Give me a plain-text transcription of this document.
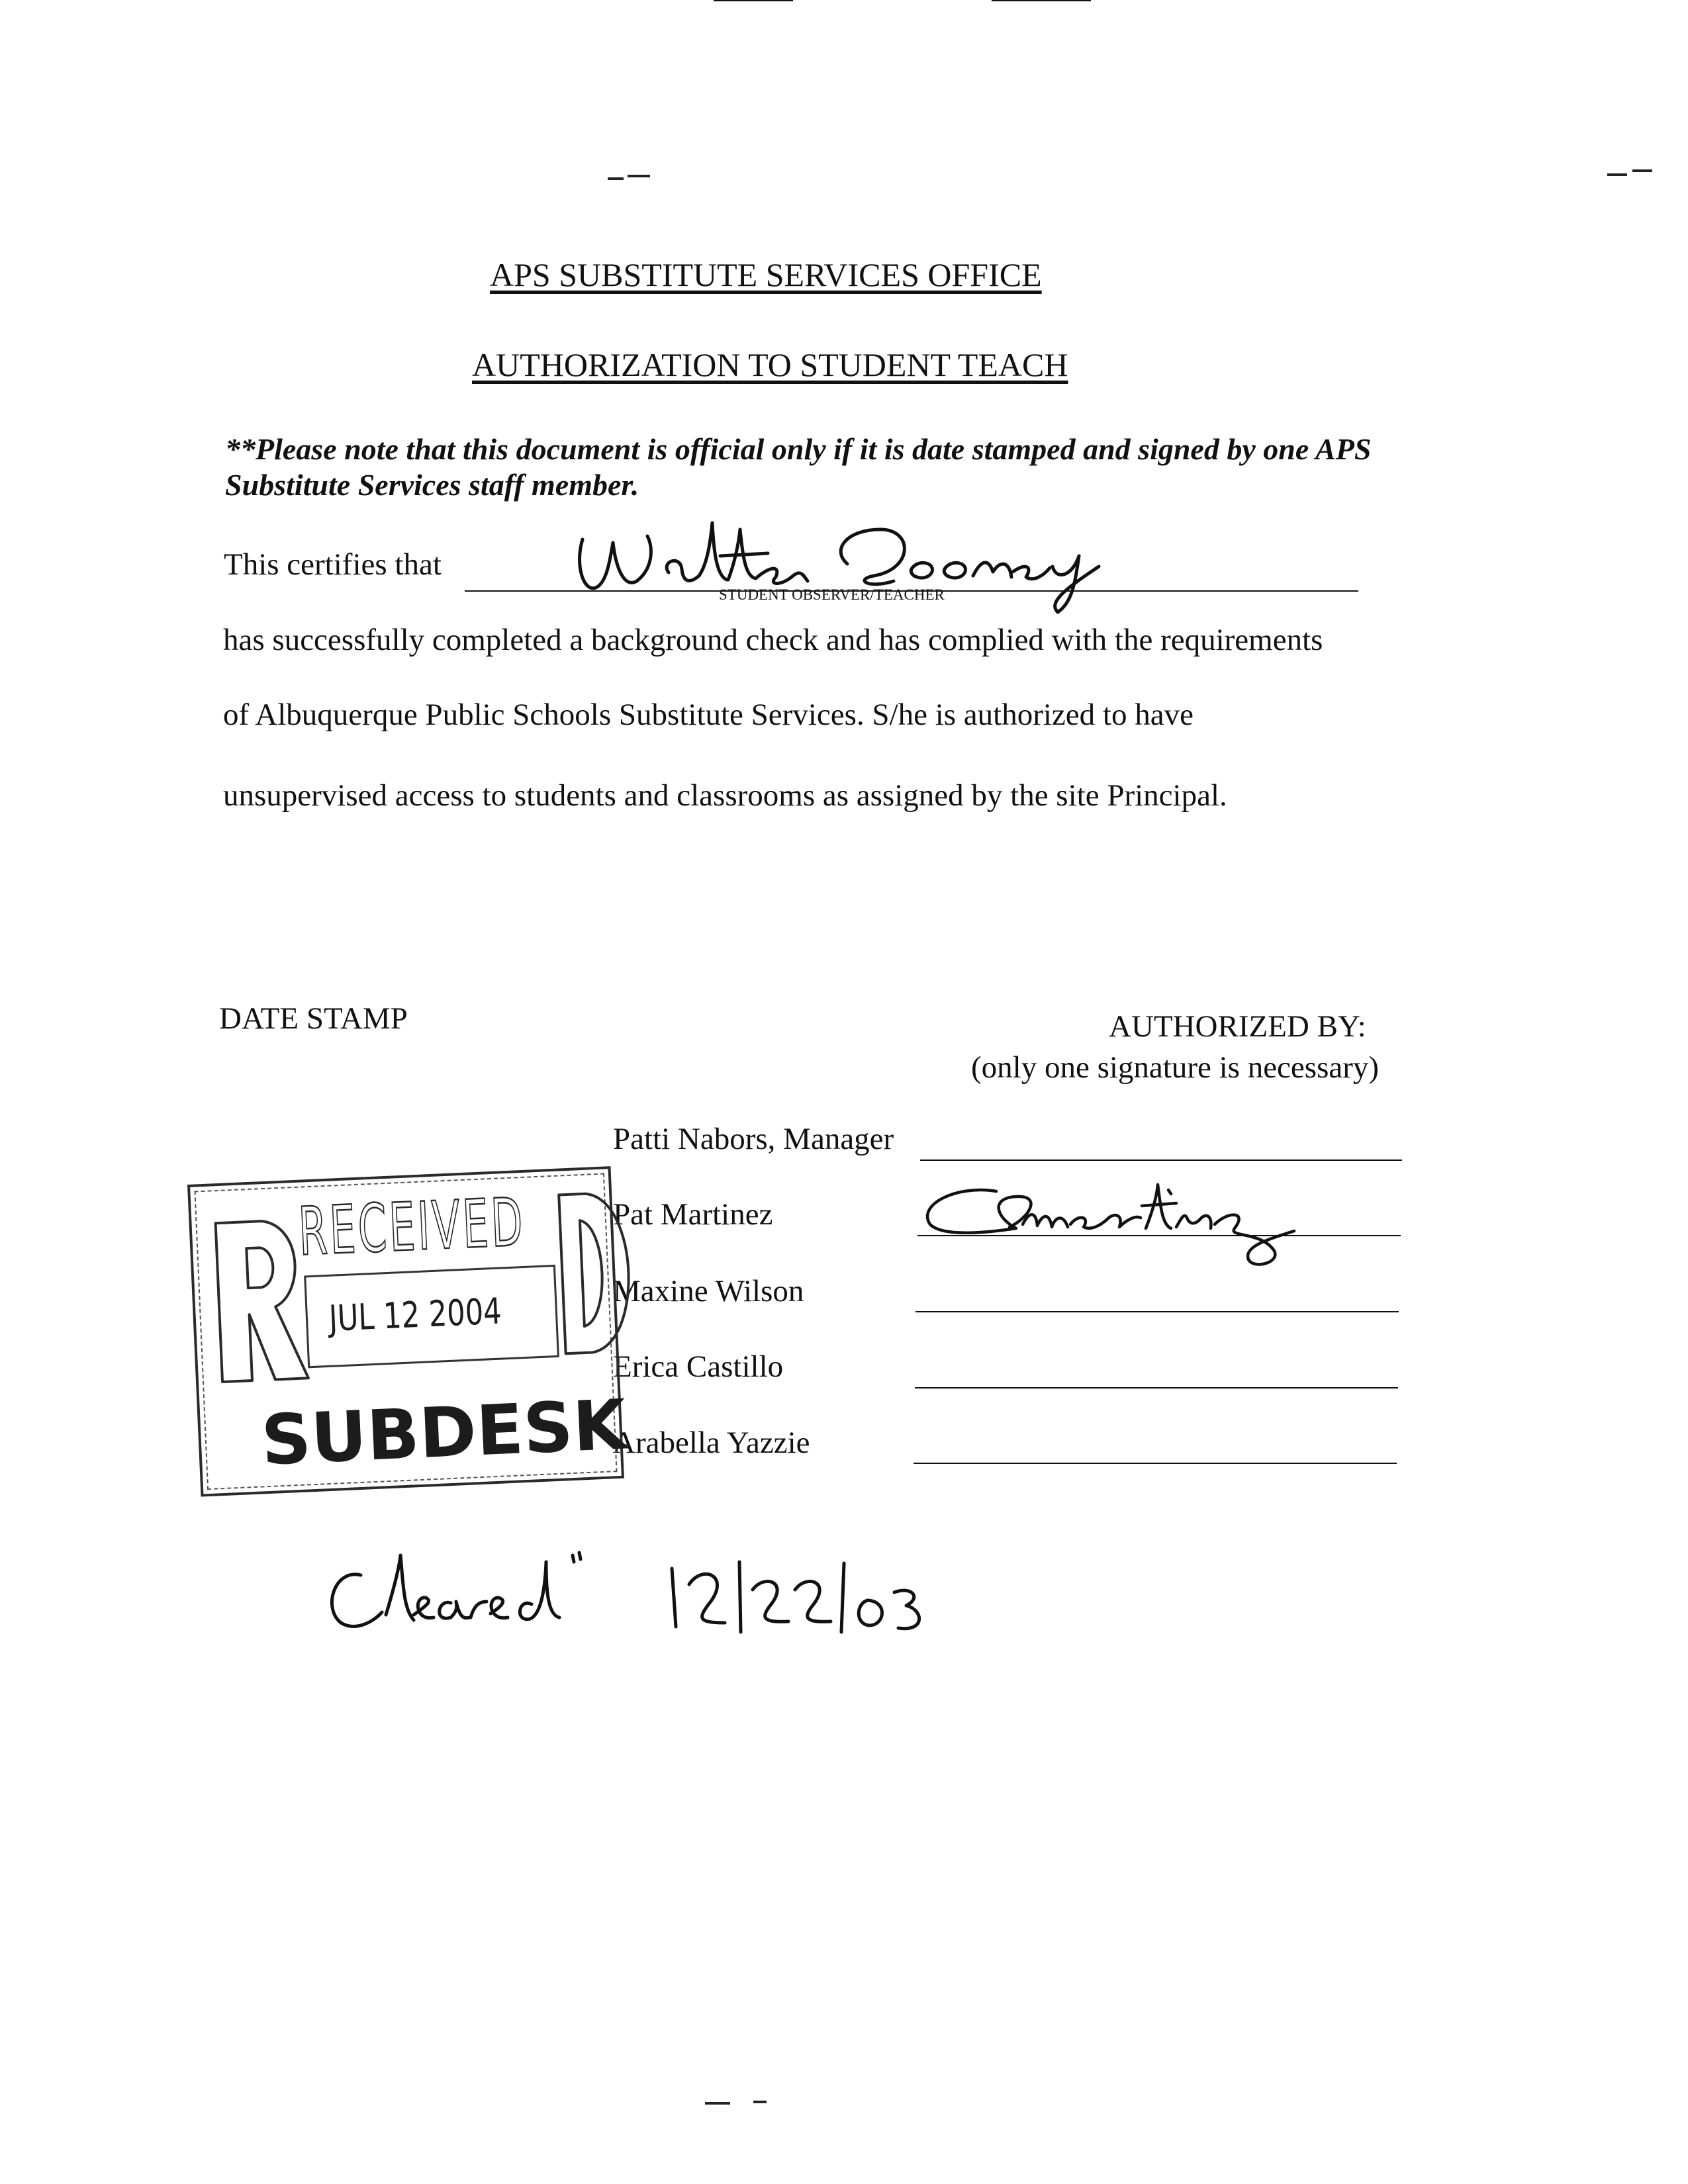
APS SUBSTITUTE SERVICES OFFICE
AUTHORIZATION TO STUDENT TEACH
**Please note that this document is official only if it is date stamped and signed by one APS Substitute Services staff member.
This certifies that
STUDENT OBSERVER/TEACHER
has successfully completed a background check and has complied with the requirements
of Albuquerque Public Schools Substitute Services. S/he is authorized to have
unsupervised access to students and classrooms as assigned by the site Principal.
DATE STAMP	AUTHORIZED BY:
(only one signature is necessary)
Patti Nabors, Manager
Pat Martinez
Maxine Wilson
Erica Castillo
Arabella Yazzie
RECEIVED
JUL 12 2004
SUBDESK
